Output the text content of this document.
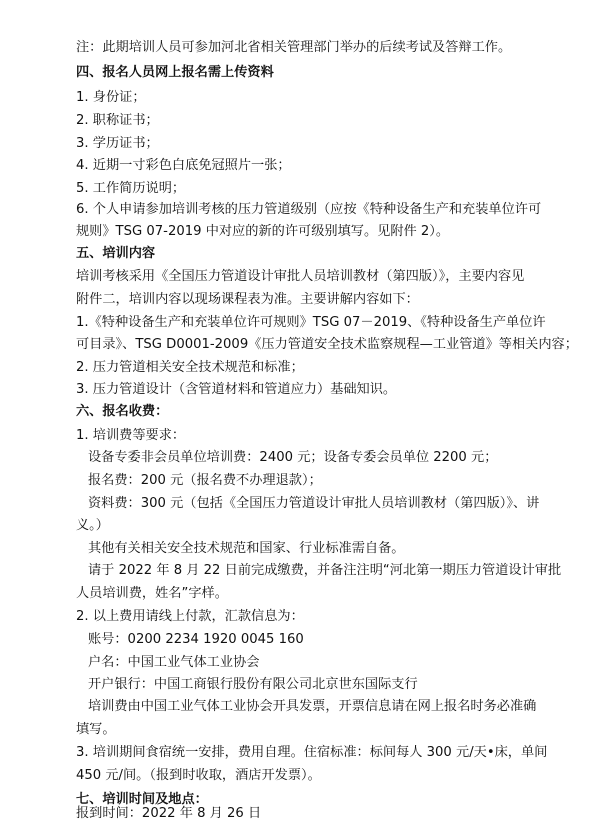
注：此期培训人员可参加河北省相关管理部门举办的后续考试及答辩工作。
四、报名人员网上报名需上传资料
1. 身份证；
2. 职称证书；
3. 学历证书；
4. 近期一寸彩色白底免冠照片一张；
5. 工作简历说明；
6. 个人申请参加培训考核的压力管道级别（应按《特种设备生产和充装单位许可
规则》TSG 07-2019 中对应的新的许可级别填写。见附件 2）。
五、培训内容
培训考核采用《全国压力管道设计审批人员培训教材（第四版）》，主要内容见
附件二，培训内容以现场课程表为准。主要讲解内容如下：
1.《特种设备生产和充装单位许可规则》TSG 07－2019、《特种设备生产单位许
可目录》、TSG D0001-2009《压力管道安全技术监察规程—工业管道》等相关内容；
2. 压力管道相关安全技术规范和标准；
3. 压力管道设计（含管道材料和管道应力）基础知识。
六、报名收费：
1. 培训费等要求：
设备专委非会员单位培训费：2400 元；设备专委会员单位 2200 元；
报名费：200 元（报名费不办理退款）；
资料费：300 元（包括《全国压力管道设计审批人员培训教材（第四版）》、讲
义。）
其他有关相关安全技术规范和国家、行业标准需自备。
请于 2022 年 8 月 22 日前完成缴费，并备注注明“河北第一期压力管道设计审批
人员培训费，姓名”字样。
2. 以上费用请线上付款，汇款信息为：
账号：0200 2234 1920 0045 160
户名：中国工业气体工业协会
开户银行：中国工商银行股份有限公司北京世东国际支行
培训费由中国工业气体工业协会开具发票，开票信息请在网上报名时务必准确
填写。
3. 培训期间食宿统一安排，费用自理。住宿标准：标间每人 300 元/天•床，单间
450 元/间。（报到时收取，酒店开发票）。
七、培训时间及地点：
报到时间：2022 年 8 月 26 日
